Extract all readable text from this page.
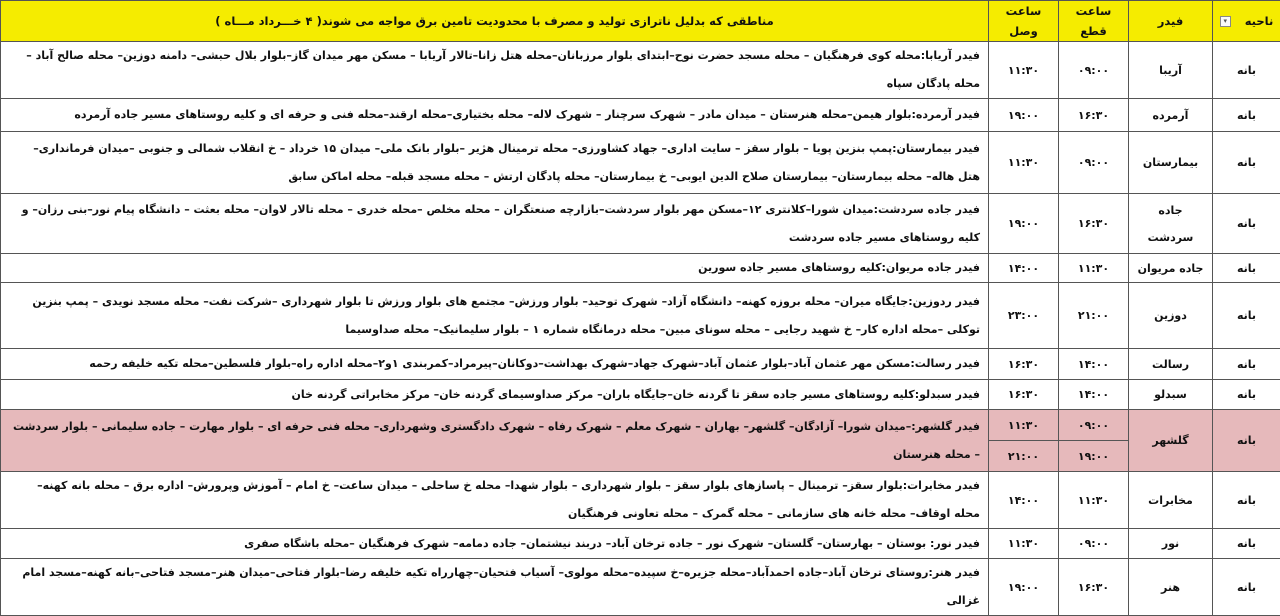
ناحیه▾	فیدر	ساعت قطع	ساعت وصل	مناطقی که بدلیل ناترازی تولید و مصرف با محدودیت تامین برق مواجه می شوند( ۴ خـــرداد مـــاه )
بانه	آریبا	۰۹:۰۰	۱۱:۳۰	فیدر آریابا:محله کوی فرهنگیان – محله مسجد حضرت نوح–ابتدای بلوار مرزبانان–محله هتل زانا–تالار آریابا – مسکن مهر میدان گاز–بلوار بلال حبشی– دامنه دوزین– محله صالح آباد – محله پادگان سپاه
بانه	آرمرده	۱۶:۳۰	۱۹:۰۰	فیدر آرمرده:بلوار هیمن–محله هنرستان – میدان مادر – شهرک سرچنار – شهرک لاله– محله بختیاری–محله ارقند–محله فنی و حرفه ای و کلیه روستاهای مسیر جاده آرمرده
بانه	بیمارستان	۰۹:۰۰	۱۱:۳۰	فیدر بیمارستان:پمپ بنزین پویا – بلوار سقز – سایت اداری– جهاد کشاورزی– محله ترمینال هژیر –بلوار بانک ملی– میدان ۱۵ خرداد – خ انقلاب شمالی و جنوبی –میدان فرمانداری– هتل هاله– محله بیمارستان– بیمارستان صلاح الدین ایوبی– خ بیمارستان– محله پادگان ارتش – محله مسجد قبله– محله اماکن سابق
بانه	جاده سردشت	۱۶:۳۰	۱۹:۰۰	فیدر جاده سردشت:میدان شورا–کلانتری ۱۲–مسکن مهر بلوار سردشت–بازارچه صنعتگران – محله مخلص –محله خدری – محله تالار لاوان– محله بعثت – دانشگاه پیام نور–بنی رزان– و کلیه روستاهای مسیر جاده سردشت
بانه	جاده مریوان	۱۱:۳۰	۱۴:۰۰	فیدر جاده مریوان:کلیه روستاهای مسیر جاده سورین
بانه	دوزین	۲۱:۰۰	۲۳:۰۰	فیدر ردوزین:جایگاه میران– محله بروزه کهنه– دانشگاه آزاد– شهرک توحید– بلوار ورزش– مجتمع های بلوار ورزش تا بلوار شهرداری –شرکت نفت– محله مسجد نویدی – پمپ بنزین توکلی –محله اداره کار– خ شهید رجایی – محله سونای مبین– محله درمانگاه شماره ۱ – بلوار سلیمانیک– محله صداوسیما
بانه	رسالت	۱۴:۰۰	۱۶:۳۰	فیدر رسالت:مسکن مهر عثمان آباد–بلوار عثمان آباد–شهرک جهاد–شهرک بهداشت–دوکانان–پیرمراد–کمربندی ۱و۲–محله اداره راه–بلوار فلسطین–محله تکیه خلیفه رحمه
بانه	سبدلو	۱۴:۰۰	۱۶:۳۰	فیدر سبدلو:کلیه روستاهای مسیر جاده سقز تا گردنه خان–جایگاه باران– مرکز صداوسیمای گردنه خان– مرکز مخابراتی گردنه خان
بانه	گلشهر	۰۹:۰۰	۱۱:۳۰	فیدر گلشهر:–میدان شورا– آزادگان– گلشهر– بهاران – شهرک معلم – شهرک رفاه – شهرک دادگستری وشهرداری– محله فنی حرفه ای – بلوار مهارت – جاده سلیمانی – بلوار سردشت – محله هنرستان
		۱۹:۰۰	۲۱:۰۰	
بانه	مخابرات	۱۱:۳۰	۱۴:۰۰	فیدر مخابرات:بلوار سقز– ترمینال – پاسازهای بلوار سقز – بلوار شهرداری – بلوار شهدا– محله خ ساحلی – میدان ساعت– خ امام – آموزش وپرورش– اداره برق – محله بانه کهنه– محله اوقاف– محله خانه های سازمانی – محله گمرک – محله تعاونی فرهنگیان
بانه	نور	۰۹:۰۰	۱۱:۳۰	فیدر نور: بوستان – بهارستان– گلستان– شهرک نور – جاده ترخان آباد– دربند نیشتمان– جاده دمامه– شهرک فرهنگیان –محله باشگاه صفری
بانه	هنر	۱۶:۳۰	۱۹:۰۰	فیدر هنر:روستای ترخان آباد–جاده احمدآباد–محله جزیره–خ سپیده–محله مولوی– آسیاب فتحیان–چهارراه تکیه خلیفه رضا–بلوار فتاحی–میدان هنر–مسجد فتاحی–بانه کهنه–مسجد امام غزالی
